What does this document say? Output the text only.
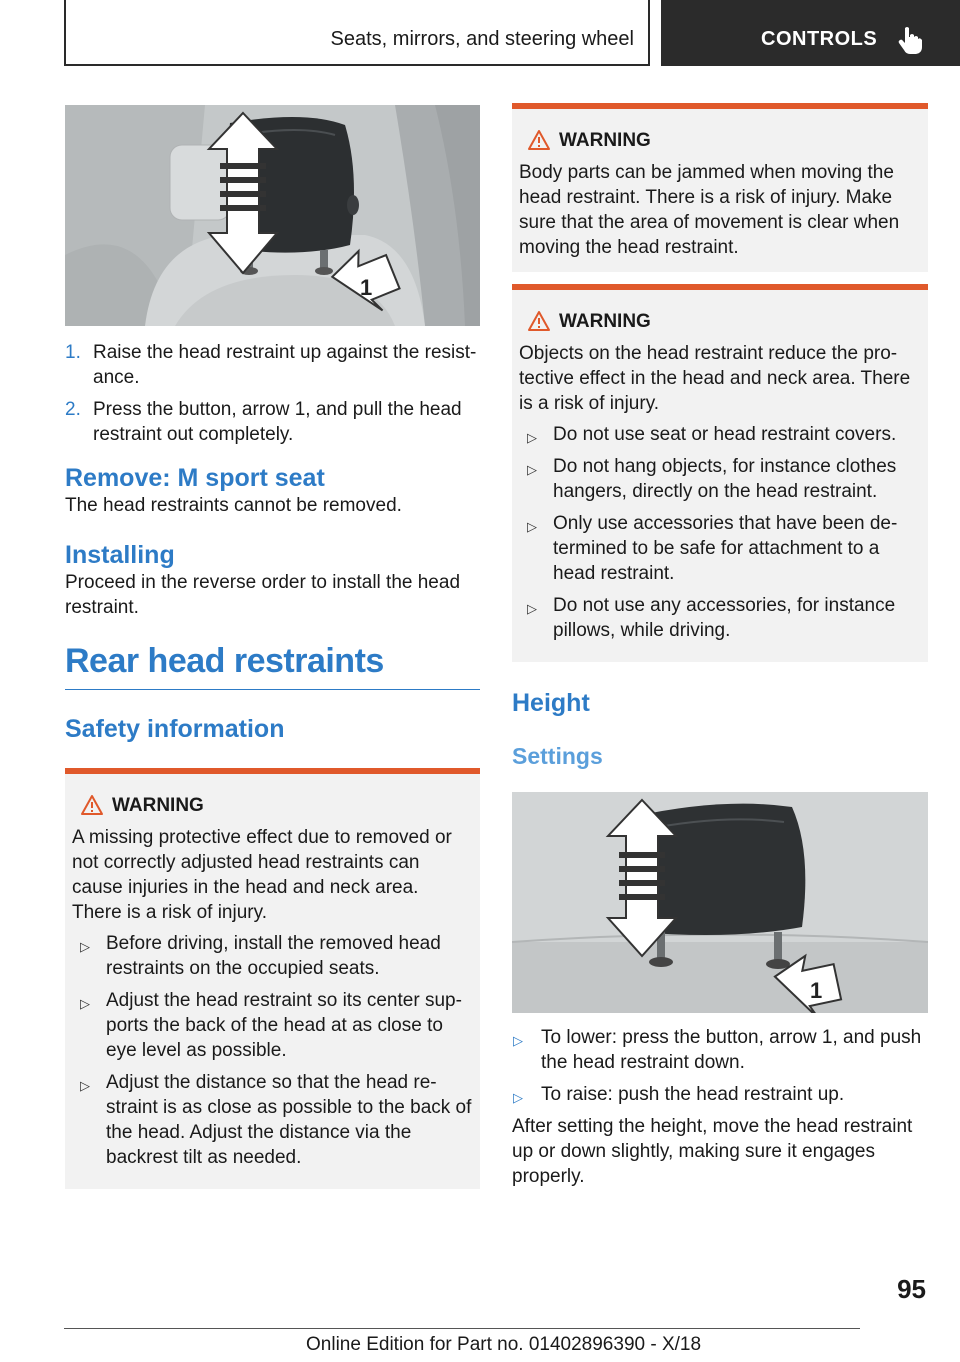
Seats, mirrors, and steering wheel	CONTROLS
1
1. Raise the head restraint up against the resist-ance.
2. Press the button, arrow 1, and pull the head restraint out completely.
Remove: M sport seat

The head restraints cannot be removed.

Installing

Proceed in the reverse order to install the head restraint.

Rear head restraints
Safety information
WARNING

A missing protective effect due to removed or not correctly adjusted head restraints can cause injuries in the head and neck area. There is a risk of injury.

▷ Before driving, install the removed head restraints on the occupied seats.
▷ Adjust the head restraint so its center sup-ports the back of the head at as close to eye level as possible.
▷ Adjust the distance so that the head re-straint is as close as possible to the back of the head. Adjust the distance via the backrest tilt as needed.
WARNING

Body parts can be jammed when moving the head restraint. There is a risk of injury. Make sure that the area of movement is clear when moving the head restraint.

WARNING

Objects on the head restraint reduce the pro-tective effect in the head and neck area. There is a risk of injury.

▷ Do not use seat or head restraint covers.
▷ Do not hang objects, for instance clothes hangers, directly on the head restraint.
▷ Only use accessories that have been de-termined to be safe for attachment to a head restraint.
▷ Do not use any accessories, for instance pillows, while driving.
Height
Settings
1
▷ To lower: press the button, arrow 1, and push the head restraint down.
▷ To raise: push the head restraint up.

After setting the height, move the head restraint up or down slightly, making sure it engages properly.

95
Online Edition for Part no. 01402896390 - X/18
